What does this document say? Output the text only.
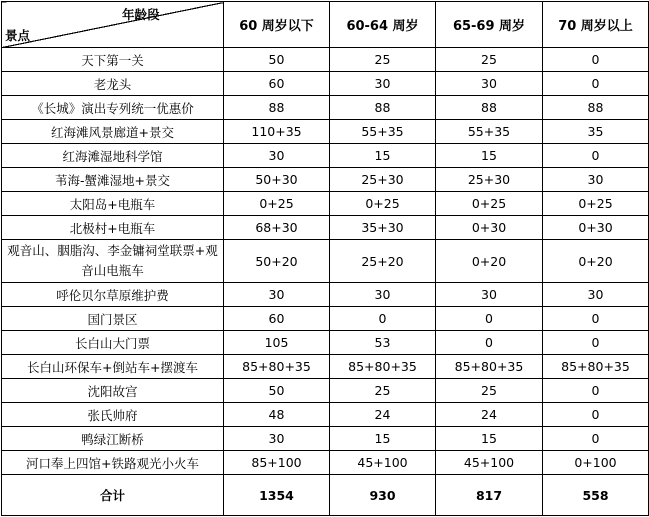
年龄段
景点	60 周岁以下	60-64 周岁	65-69 周岁	70 周岁以上
天下第一关	50	25	25	0
老龙头	60	30	30	0
《长城》演出专列统一优惠价	88	88	88	88
红海滩风景廊道+景交	110+35	55+35	55+35	35
红海滩湿地科学馆	30	15	15	0
苇海-蟹滩湿地+景交	50+30	25+30	25+30	30
太阳岛+电瓶车	0+25	0+25	0+25	0+25
北极村+电瓶车	68+30	35+30	0+30	0+30
观音山、胭脂沟、李金镛祠堂联票+观音山电瓶车	50+20	25+20	0+20	0+20
呼伦贝尔草原维护费	30	30	30	30
国门景区	60	0	0	0
长白山大门票	105	53	0	0
长白山环保车+倒站车+摆渡车	85+80+35	85+80+35	85+80+35	85+80+35
沈阳故宫	50	25	25	0
张氏帅府	48	24	24	0
鸭绿江断桥	30	15	15	0
河口奉上四馆+铁路观光小火车	85+100	45+100	45+100	0+100
合计	1354	930	817	558
